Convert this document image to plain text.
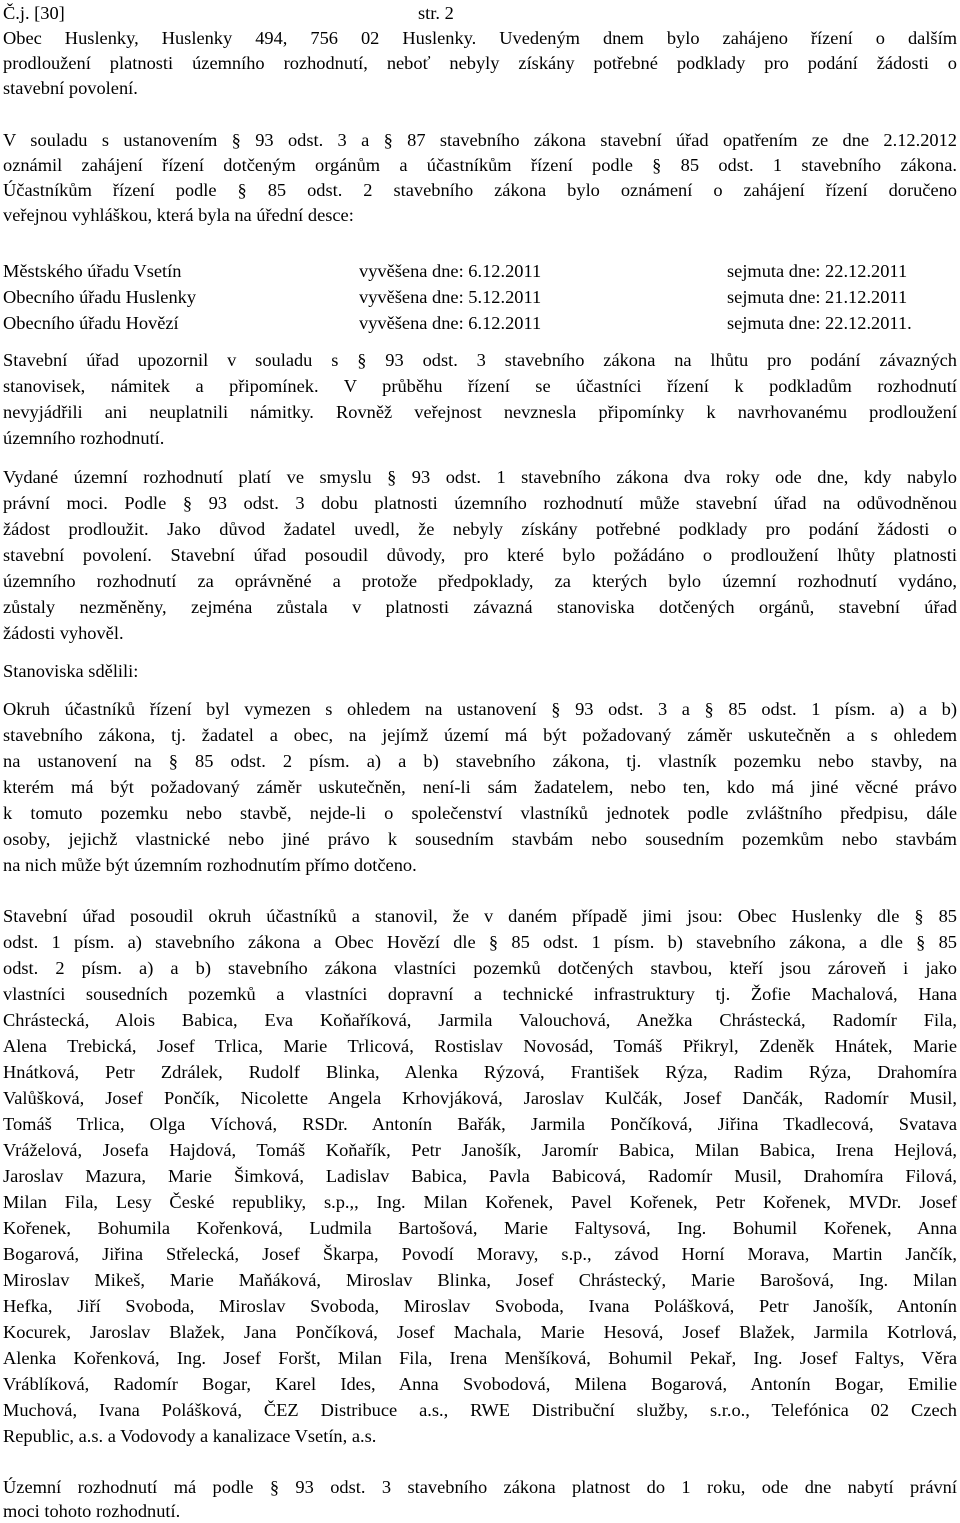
Č.j. [30]	str. 2
Obec Huslenky, Huslenky 494, 756 02 Huslenky. Uvedeným dnem bylo zahájeno řízení o dalším
prodloužení platnosti územního rozhodnutí, neboť nebyly získány potřebné podklady pro podání žádosti o
stavební povolení.
V souladu s ustanovením § 93 odst. 3 a § 87 stavebního zákona stavební úřad opatřením ze dne 2.12.2012
oznámil zahájení řízení dotčeným orgánům a účastníkům řízení podle § 85 odst. 1 stavebního zákona.
Účastníkům řízení podle § 85 odst. 2 stavebního zákona bylo oznámení o zahájení řízení doručeno
veřejnou vyhláškou, která byla na úřední desce:
Městského úřadu Vsetín	vyvěšena dne: 6.12.2011	sejmuta dne: 22.12.2011
Obecního úřadu Huslenky	vyvěšena dne: 5.12.2011	sejmuta dne: 21.12.2011
Obecního úřadu Hovězí	vyvěšena dne: 6.12.2011	sejmuta dne: 22.12.2011.
Stavební úřad upozornil v souladu s § 93 odst. 3 stavebního zákona na lhůtu pro podání závazných
stanovisek, námitek a připomínek. V průběhu řízení se účastníci řízení k podkladům rozhodnutí
nevyjádřili ani neuplatnili námitky. Rovněž veřejnost nevznesla připomínky k navrhovanému prodloužení
územního rozhodnutí.
Vydané územní rozhodnutí platí ve smyslu § 93 odst. 1 stavebního zákona dva roky ode dne, kdy nabylo
právní moci. Podle § 93 odst. 3 dobu platnosti územního rozhodnutí může stavební úřad na odůvodněnou
žádost prodloužit. Jako důvod žadatel uvedl, že nebyly získány potřebné podklady pro podání žádosti o
stavební povolení. Stavební úřad posoudil důvody, pro které bylo požádáno o prodloužení lhůty platnosti
územního rozhodnutí za oprávněné a protože předpoklady, za kterých bylo územní rozhodnutí vydáno,
zůstaly nezměněny, zejména zůstala v platnosti závazná stanoviska dotčených orgánů, stavební úřad
žádosti vyhověl.
Stanoviska sdělili:
Okruh účastníků řízení byl vymezen s ohledem na ustanovení § 93 odst. 3 a § 85 odst. 1 písm. a) a b)
stavebního zákona, tj. žadatel a obec, na jejímž území má být požadovaný záměr uskutečněn a s ohledem
na ustanovení na § 85 odst. 2 písm. a) a b) stavebního zákona, tj. vlastník pozemku nebo stavby, na
kterém má být požadovaný záměr uskutečněn, není-li sám žadatelem, nebo ten, kdo má jiné věcné právo
k tomuto pozemku nebo stavbě, nejde-li o společenství vlastníků jednotek podle zvláštního předpisu, dále
osoby, jejichž vlastnické nebo jiné právo k sousedním stavbám nebo sousedním pozemkům nebo stavbám
na nich může být územním rozhodnutím přímo dotčeno.
Stavební úřad posoudil okruh účastníků a stanovil, že v daném případě jimi jsou: Obec Huslenky dle § 85
odst. 1 písm. a) stavebního zákona a Obec Hovězí dle § 85 odst. 1 písm. b) stavebního zákona, a dle § 85
odst. 2 písm. a) a b) stavebního zákona vlastníci pozemků dotčených stavbou, kteří jsou zároveň i jako
vlastníci sousedních pozemků a vlastníci dopravní a technické infrastruktury tj. Žofie Machalová, Hana
Chrástecká, Alois Babica, Eva Koňaříková, Jarmila Valouchová, Anežka Chrástecká, Radomír Fila,
Alena Trebická, Josef Trlica, Marie Trlicová, Rostislav Novosád, Tomáš Přikryl, Zdeněk Hnátek, Marie
Hnátková, Petr Zdrálek, Rudolf Blinka, Alenka Rýzová, František Rýza, Radim Rýza, Drahomíra
Valůšková, Josef Pončík, Nicolette Angela Krhovjáková, Jaroslav Kulčák, Josef Dančák, Radomír Musil,
Tomáš Trlica, Olga Víchová, RSDr. Antonín Bařák, Jarmila Pončíková, Jiřina Tkadlecová, Svatava
Vráželová, Josefa Hajdová, Tomáš Koňařík, Petr Janošík, Jaromír Babica, Milan Babica, Irena Hejlová,
Jaroslav Mazura, Marie Šimková, Ladislav Babica, Pavla Babicová, Radomír Musil, Drahomíra Filová,
Milan Fila, Lesy České republiky, s.p.,, Ing. Milan Kořenek, Pavel Kořenek, Petr Kořenek, MVDr. Josef
Kořenek, Bohumila Kořenková, Ludmila Bartošová, Marie Faltysová, Ing. Bohumil Kořenek, Anna
Bogarová, Jiřina Střelecká, Josef Škarpa, Povodí Moravy, s.p., závod Horní Morava, Martin Jančík,
Miroslav Mikeš, Marie Maňáková, Miroslav Blinka, Josef Chrástecký, Marie Barošová, Ing. Milan
Hefka, Jiří Svoboda, Miroslav Svoboda, Miroslav Svoboda, Ivana Polášková, Petr Janošík, Antonín
Kocurek, Jaroslav Blažek, Jana Pončíková, Josef Machala, Marie Hesová, Josef Blažek, Jarmila Kotrlová,
Alenka Kořenková, Ing. Josef Foršt, Milan Fila, Irena Menšíková, Bohumil Pekař, Ing. Josef Faltys, Věra
Vráblíková, Radomír Bogar, Karel Ides, Anna Svobodová, Milena Bogarová, Antonín Bogar, Emilie
Muchová, Ivana Polášková, ČEZ Distribuce a.s., RWE Distribuční služby, s.r.o., Telefónica 02 Czech
Republic, a.s. a Vodovody a kanalizace Vsetín, a.s.
Územní rozhodnutí má podle § 93 odst. 3 stavebního zákona platnost do 1 roku, ode dne nabytí právní
moci tohoto rozhodnutí.
